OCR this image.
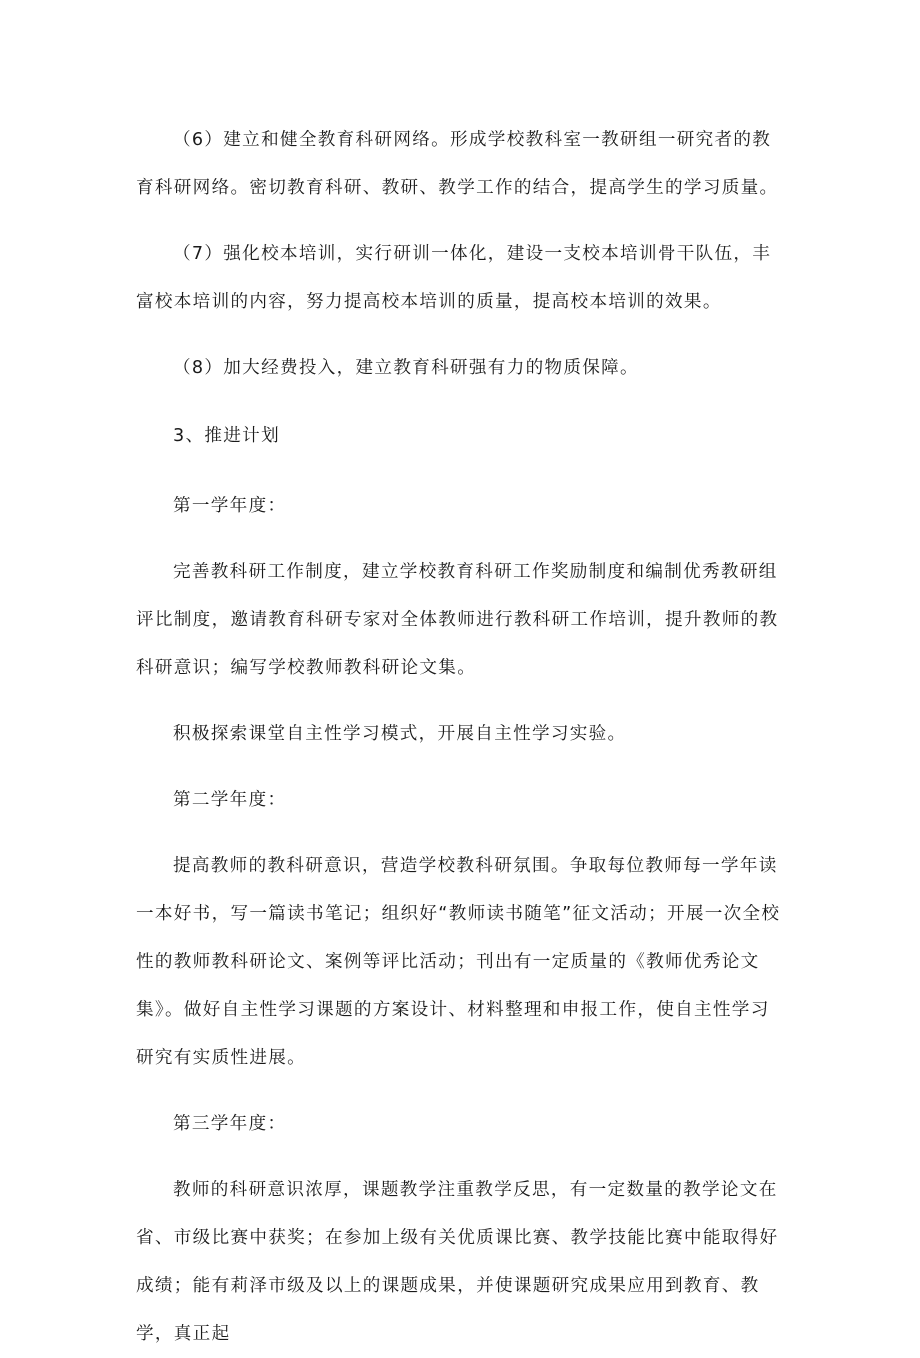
（6）建立和健全教育科研网络。形成学校教科室一教研组一研究者的教育科研网络。密切教育科研、教研、教学工作的结合，提高学生的学习质量。

（7）强化校本培训，实行研训一体化，建设一支校本培训骨干队伍，丰富校本培训的内容，努力提高校本培训的质量，提高校本培训的效果。

（8）加大经费投入，建立教育科研强有力的物质保障。

3、推进计划

第一学年度：

完善教科研工作制度，建立学校教育科研工作奖励制度和编制优秀教研组评比制度，邀请教育科研专家对全体教师进行教科研工作培训，提升教师的教科研意识；编写学校教师教科研论文集。

积极探索课堂自主性学习模式，开展自主性学习实验。

第二学年度：

提高教师的教科研意识，营造学校教科研氛围。争取每位教师每一学年读一本好书，写一篇读书笔记；组织好“教师读书随笔”征文活动；开展一次全校性的教师教科研论文、案例等评比活动；刊出有一定质量的《教师优秀论文集》。做好自主性学习课题的方案设计、材料整理和申报工作，使自主性学习研究有实质性进展。

第三学年度：

教师的科研意识浓厚，课题教学注重教学反思，有一定数量的教学论文在省、市级比赛中获奖；在参加上级有关优质课比赛、教学技能比赛中能取得好成绩；能有莉泽市级及以上的课题成果，并使课题研究成果应用到教育、教学，真正起
